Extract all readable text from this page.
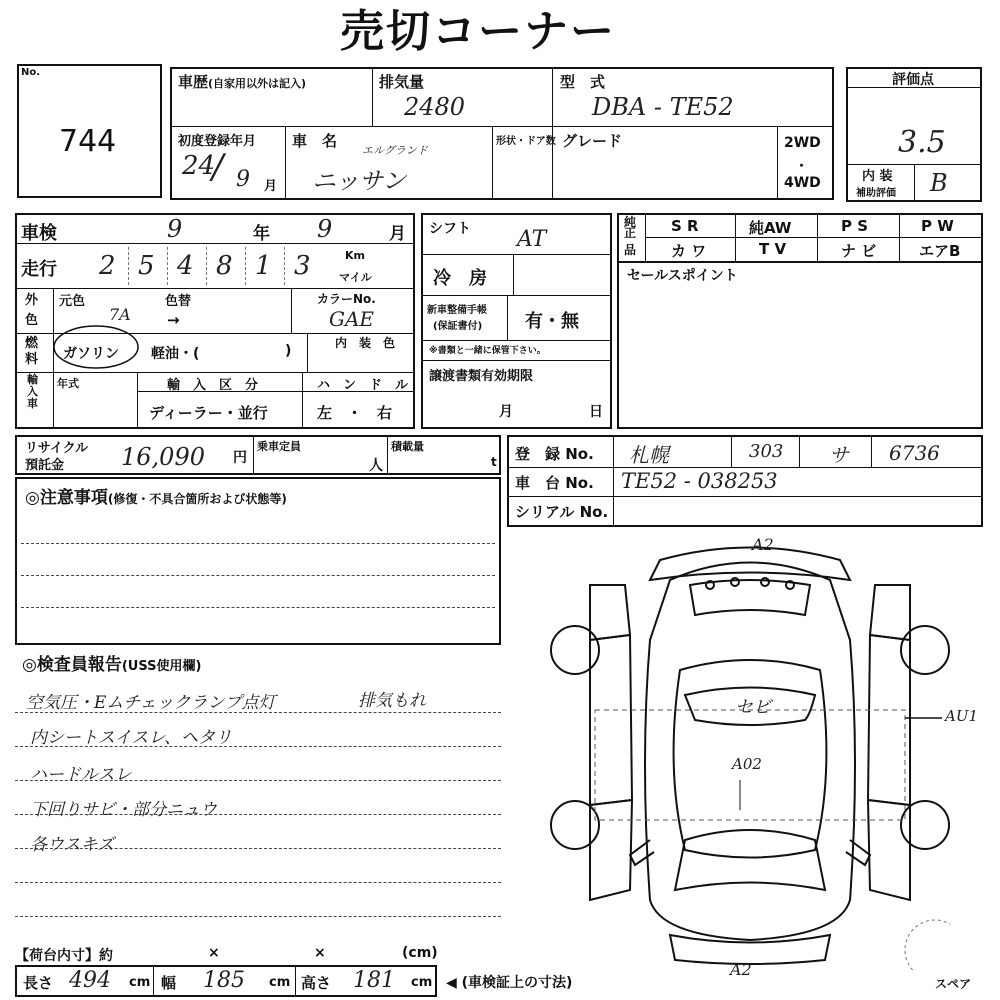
売切コーナー
No.
744
車歴(自家用以外は記入)	排気量
2480
型　式
DBA - TE52
初度登録年月
24
/ 9 月
車　名
エルグランド
ニッサン
形状・ドア数 グレード	2WD
・
4WD
評価点
3.5
内 装
補助評価 B
車検	9	年 9	月
走行 2 5 4 8 1 3	Km
マイル
外色
元色	色替
7A →
カラーNo.
GAE
燃料	ガソリン 軽油・(	)	内　装　色
輸入車
年式	輸　入　区　分
ディーラー・並行
ハ　ン　ド　ル
左　・　右
シフト AT
冷　房
新車整備手帳
(保証書付) 有・無
※書類と一緒に保管下さい。
譲渡書類有効期限
月	日
純正
品
S R	純AW	P S	P W
カ ワ	T V	ナ ビ	エアB
セールスポイント
リサイクル
預託金 16,090 円
乗車定員
人
積載量
t 登　録 No. 札幌	303 サ 6736
車　台 No. TE52 - 038253
シリアル No.
◎注意事項(修復・不具合箇所および状態等)
◎検査員報告(USS使用欄)
空気圧・Eムチェックランプ点灯	排気もれ
内シートスイスレ、ヘタリ
ハードルスレ
下回りサビ・部分ニュウ
各ウスキズ
A2
セビ	AU1
A02
A2
スペア
【荷台内寸】約	×	×	(cm)
長さ 494 cm 幅 185 cm 高さ 181 cm ◀ (車検証上の寸法)
